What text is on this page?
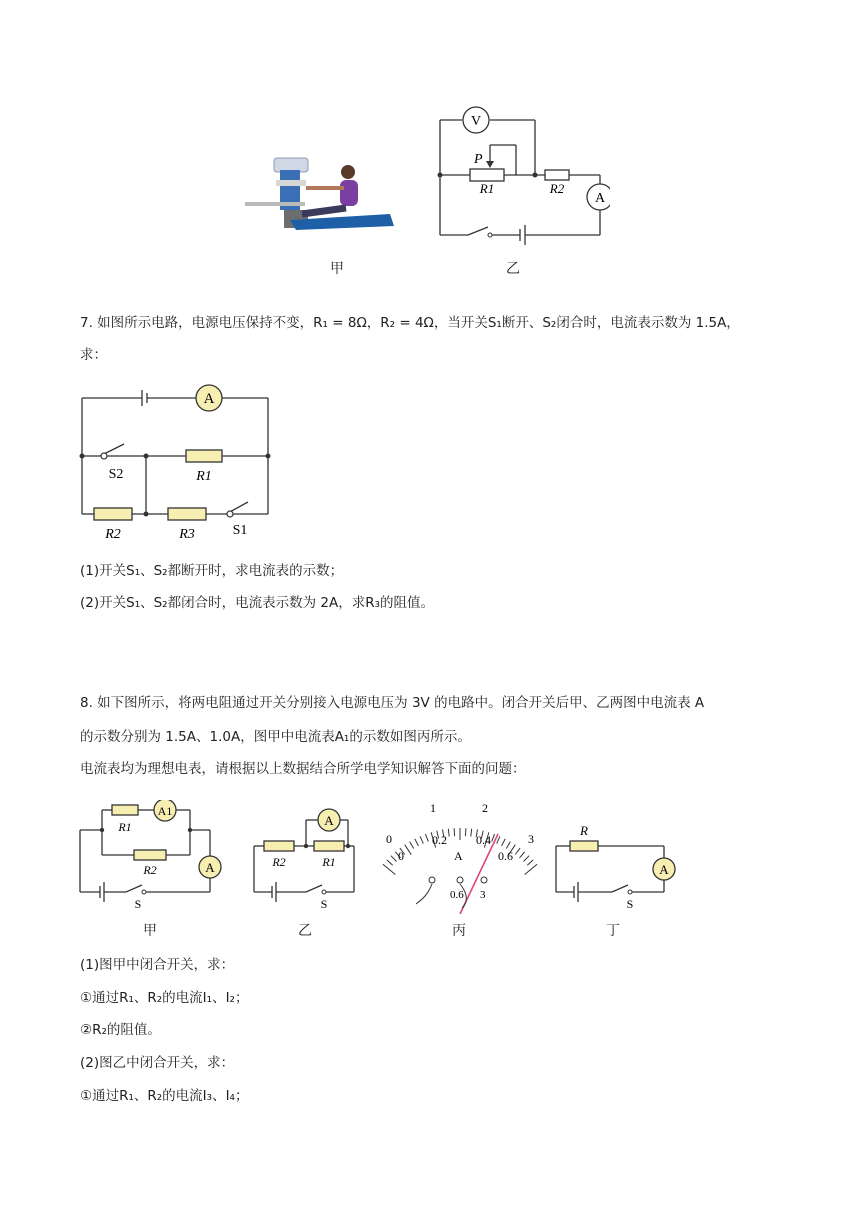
V
A
P
R1	R2
甲	乙
7. 如图所示电路，电源电压保持不变，R₁ = 8Ω，R₂ = 4Ω，当开关S₁断开、S₂闭合时，电流表示数为 1.5A，
求：
A
S2	R1
R2	R3	S1
(1)开关S₁、S₂都断开时，求电流表的示数；
(2)开关S₁、S₂都闭合时，电流表示数为 2A，求R₃的阻值。
8. 如下图所示，将两电阻通过开关分别接入电源电压为 3V 的电路中。闭合开关后甲、乙两图中电流表 A
的示数分别为 1.5A、1.0A，图甲中电流表A₁的示数如图丙所示。
电流表均为理想电表，请根据以上数据结合所学电学知识解答下面的问题：
A1
A
R1
R2
S
A
R2	R1
S
0
1	2
3
0
0.2 0.4
0.6
A
0.6 3
R
A
S
甲	乙	丙	丁
(1)图甲中闭合开关，求：
①通过R₁、R₂的电流I₁、I₂；
②R₂的阻值。
(2)图乙中闭合开关，求：
①通过R₁、R₂的电流I₃、I₄；
